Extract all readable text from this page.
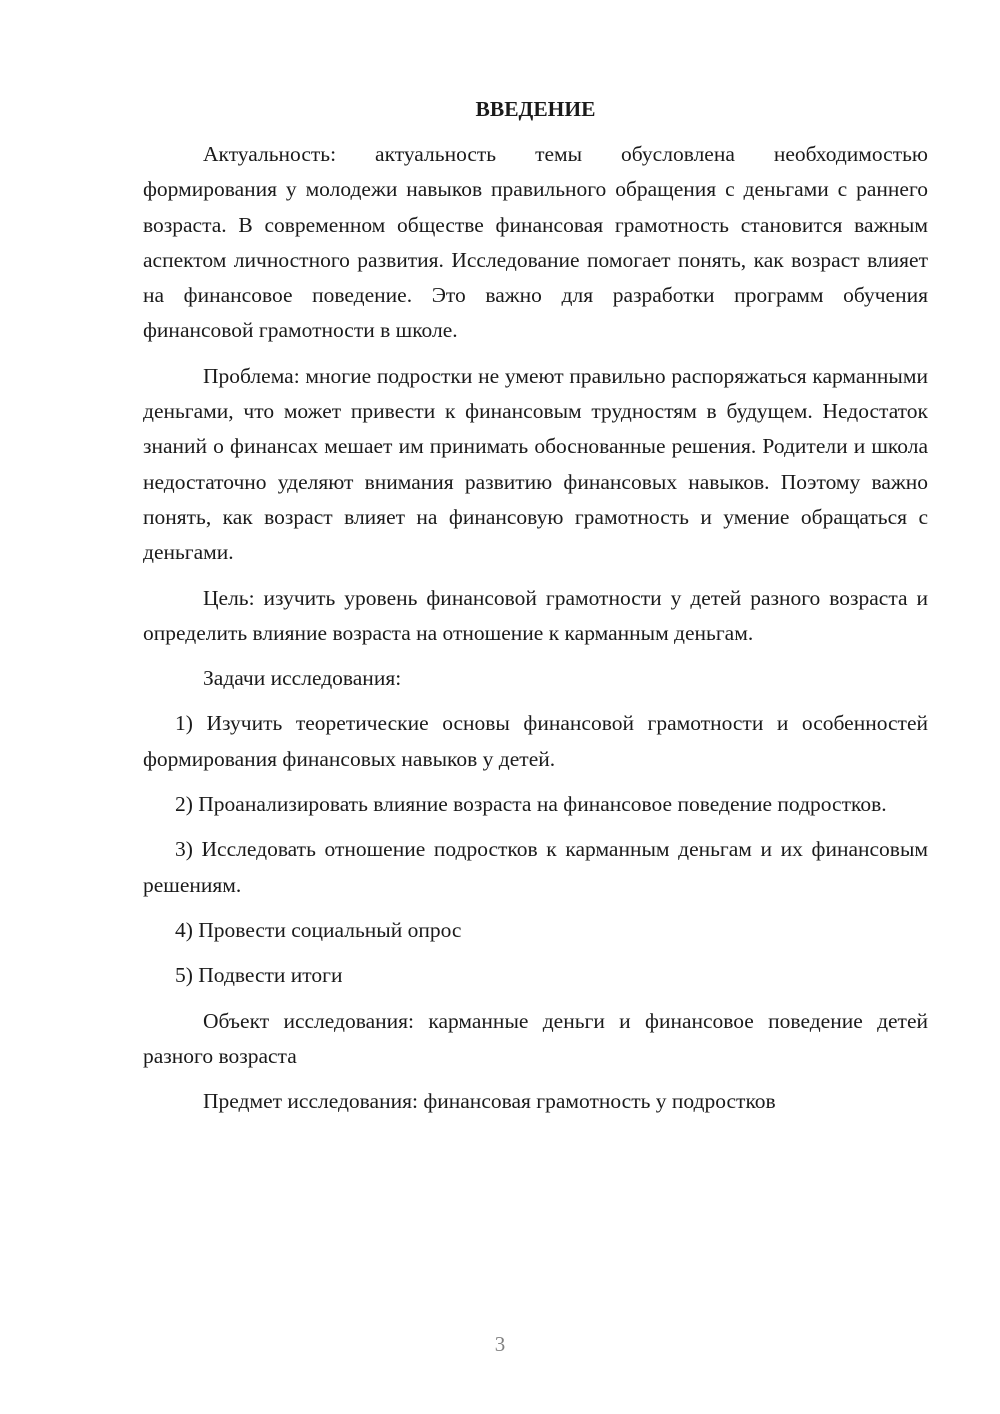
ВВЕДЕНИЕ

Актуальность: актуальность темы обусловлена необходимостью формирования у молодежи навыков правильного обращения с деньгами с раннего возраста. В современном обществе финансовая грамотность становится важным аспектом личностного развития. Исследование помогает понять, как возраст влияет на финансовое поведение. Это важно для разработки программ обучения финансовой грамотности в школе.

Проблема: многие подростки не умеют правильно распоряжаться карманными деньгами, что может привести к финансовым трудностям в будущем. Недостаток знаний о финансах мешает им принимать обоснованные решения. Родители и школа недостаточно уделяют внимания развитию финансовых навыков. Поэтому важно понять, как возраст влияет на финансовую грамотность и умение обращаться с деньгами.

Цель: изучить уровень финансовой грамотности у детей разного возраста и определить влияние возраста на отношение к карманным деньгам.

Задачи исследования:

1) Изучить теоретические основы финансовой грамотности и особенностей формирования финансовых навыков у детей.

2) Проанализировать влияние возраста на финансовое поведение подростков.

3) Исследовать отношение подростков к карманным деньгам и их финансовым решениям.

4) Провести социальный опрос

5) Подвести итоги

Объект исследования: карманные деньги и финансовое поведение детей разного возраста

Предмет исследования: финансовая грамотность у подростков

3
